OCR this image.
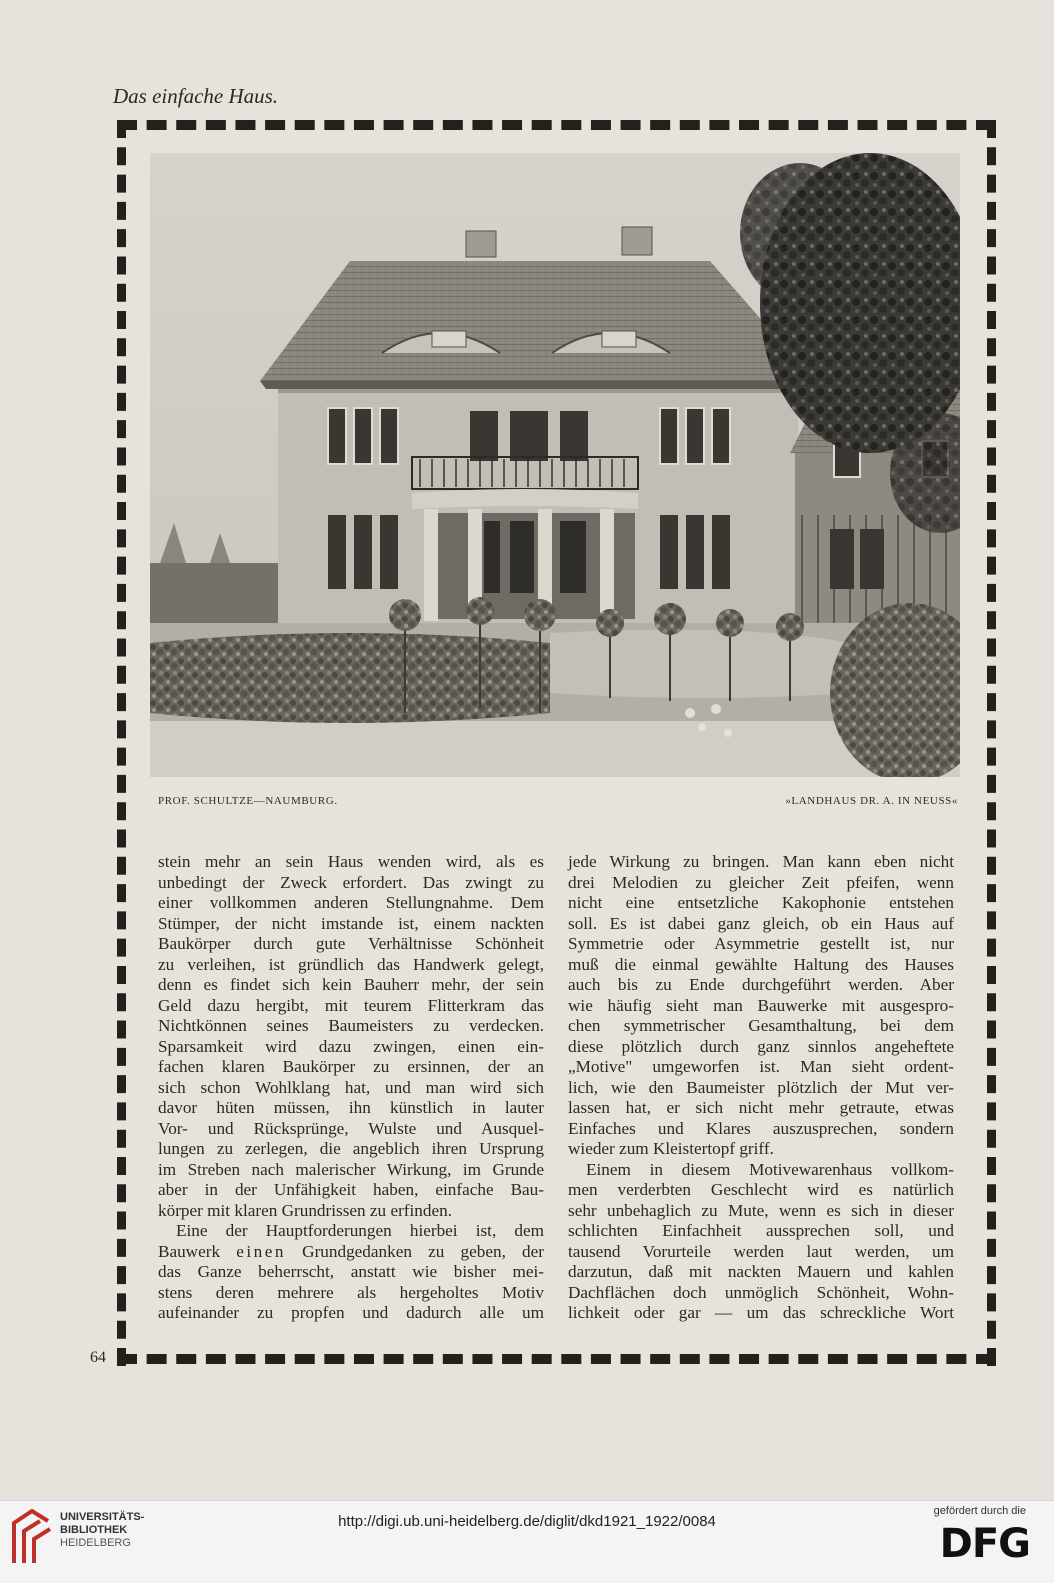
Das einfache Haus.
PROF. SCHULTZE—NAUMBURG.	»LANDHAUS DR. A. IN NEUSS«
stein mehr an sein Haus wenden wird, als es
unbedingt der Zweck erfordert. Das zwingt zu
einer vollkommen anderen Stellungnahme. Dem
Stümper, der nicht imstande ist, einem nackten
Baukörper durch gute Verhältnisse Schönheit
zu verleihen, ist gründlich das Handwerk gelegt,
denn es findet sich kein Bauherr mehr, der sein
Geld dazu hergibt, mit teurem Flitterkram das
Nichtkönnen seines Baumeisters zu verdecken.
Sparsamkeit wird dazu zwingen, einen ein-
fachen klaren Baukörper zu ersinnen, der an
sich schon Wohlklang hat, und man wird sich
davor hüten müssen, ihn künstlich in lauter
Vor- und Rücksprünge, Wulste und Ausquel-
lungen zu zerlegen, die angeblich ihren Ursprung
im Streben nach malerischer Wirkung, im Grunde
aber in der Unfähigkeit haben, einfache Bau-
körper mit klaren Grundrissen zu erfinden.
Eine der Hauptforderungen hierbei ist, dem
Bauwerk einen Grundgedanken zu geben, der
das Ganze beherrscht, anstatt wie bisher mei-
stens deren mehrere als hergeholtes Motiv
aufeinander zu propfen und dadurch alle um
jede Wirkung zu bringen. Man kann eben nicht
drei Melodien zu gleicher Zeit pfeifen, wenn
nicht eine entsetzliche Kakophonie entstehen
soll. Es ist dabei ganz gleich, ob ein Haus auf
Symmetrie oder Asymmetrie gestellt ist, nur
muß die einmal gewählte Haltung des Hauses
auch bis zu Ende durchgeführt werden. Aber
wie häufig sieht man Bauwerke mit ausgespro-
chen symmetrischer Gesamthaltung, bei dem
diese plötzlich durch ganz sinnlos angeheftete
„Motive" umgeworfen ist. Man sieht ordent-
lich, wie den Baumeister plötzlich der Mut ver-
lassen hat, er sich nicht mehr getraute, etwas
Einfaches und Klares auszusprechen, sondern
wieder zum Kleistertopf griff.
Einem in diesem Motivewarenhaus vollkom-
men verderbten Geschlecht wird es natürlich
sehr unbehaglich zu Mute, wenn es sich in dieser
schlichten Einfachheit aussprechen soll, und
tausend Vorurteile werden laut werden, um
darzutun, daß mit nackten Mauern und kahlen
Dachflächen doch unmöglich Schönheit, Wohn-
lichkeit oder gar — um das schreckliche Wort
64
UNIVERSITÄTS-
BIBLIOTHEK
HEIDELBERG
http://digi.ub.uni-heidelberg.de/diglit/dkd1921_1922/0084
gefördert durch die
DFG
